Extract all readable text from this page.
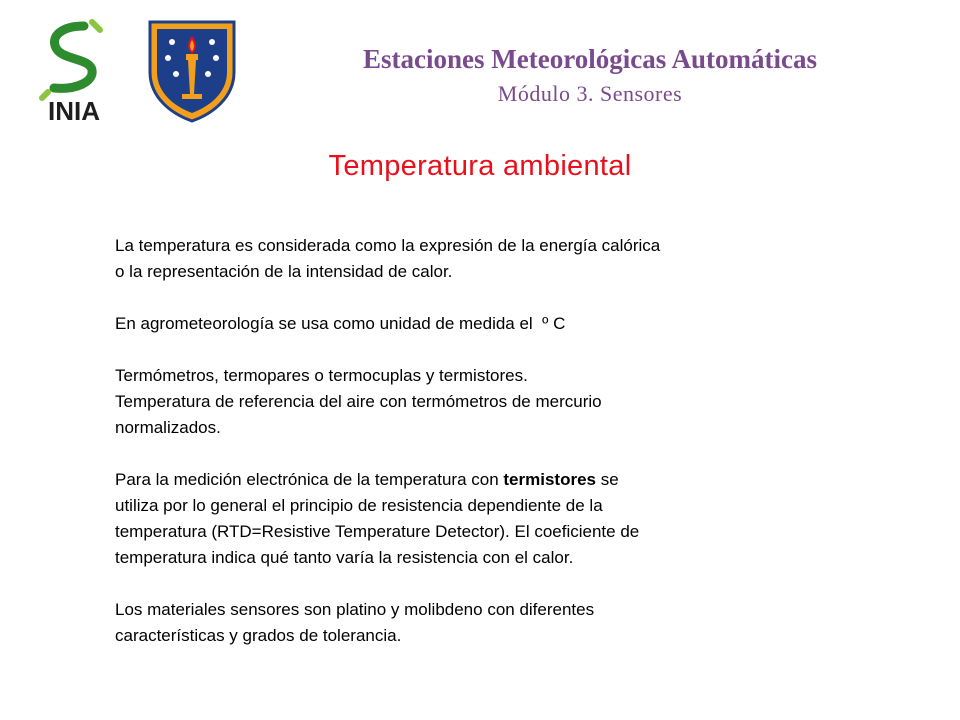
INIA
Estaciones Meteorológicas Automáticas
Módulo 3. Sensores
Temperatura ambiental

La temperatura es considerada como la expresión de la energía calórica
o la representación de la intensidad de calor.

En agrometeorología se usa como unidad de medida el  º C

Termómetros, termopares o termocuplas y termistores.
Temperatura de referencia del aire con termómetros de mercurio
normalizados.

Para la medición electrónica de la temperatura con termistores se
utiliza por lo general el principio de resistencia dependiente de la
temperatura (RTD=Resistive Temperature Detector). El coeficiente de
temperatura indica qué tanto varía la resistencia con el calor.

Los materiales sensores son platino y molibdeno con diferentes
características y grados de tolerancia.
